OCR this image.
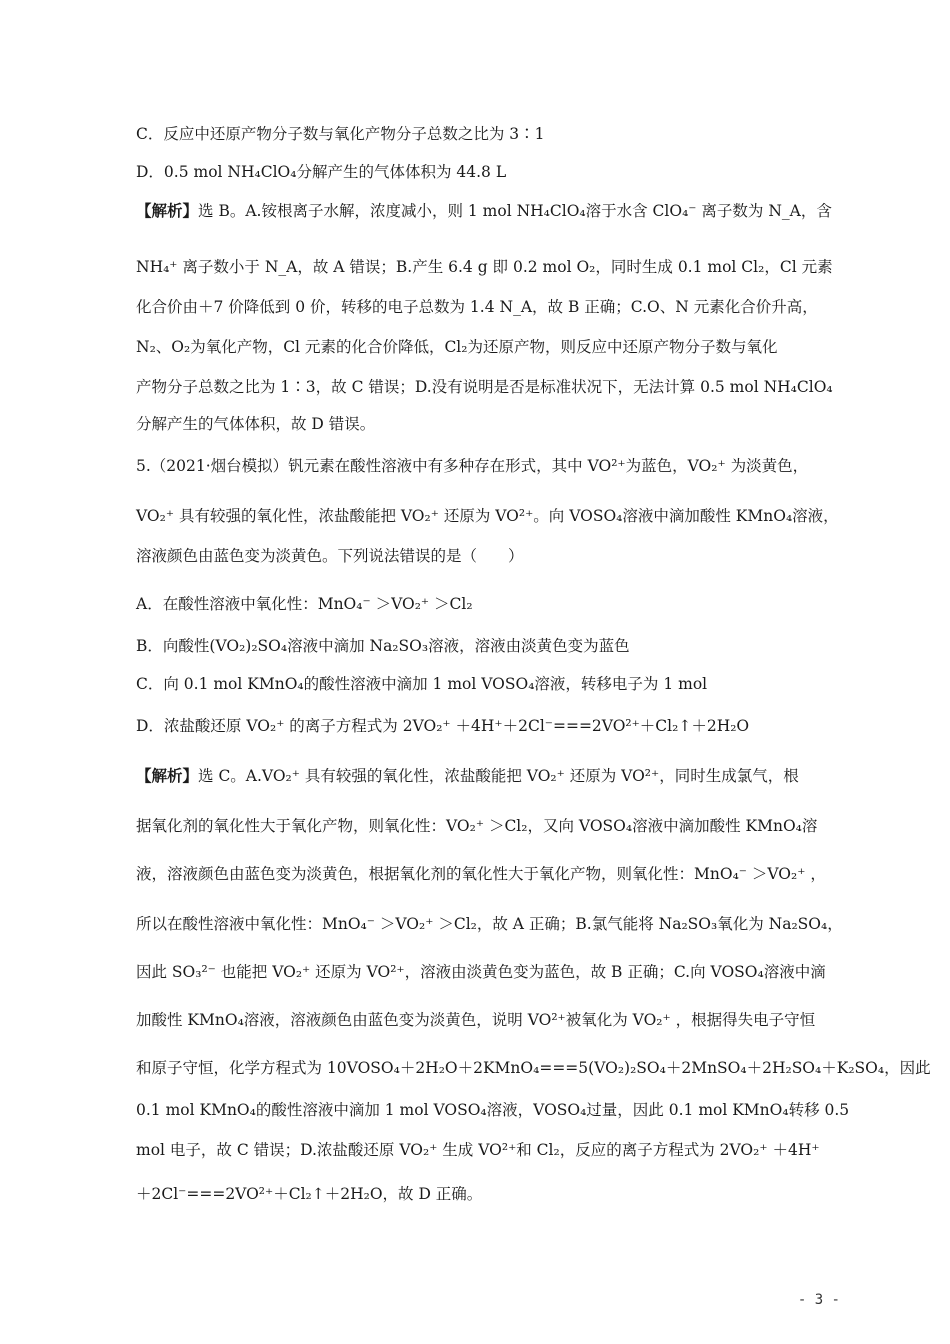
C．反应中还原产物分子数与氧化产物分子总数之比为 3∶1
D．0.5 mol NH₄ClO₄分解产生的气体体积为 44.8 L
【解析】选 B。A.铵根离子水解，浓度减小，则 1 mol NH₄ClO₄溶于水含 ClO₄⁻ 离子数为 N_A，含
NH₄⁺ 离子数小于 N_A，故 A 错误；B.产生 6.4 g 即 0.2 mol O₂，同时生成 0.1 mol Cl₂，Cl 元素
化合价由＋7 价降低到 0 价，转移的电子总数为 1.4 N_A，故 B 正确；C.O、N 元素化合价升高，
N₂、O₂为氧化产物，Cl 元素的化合价降低，Cl₂为还原产物，则反应中还原产物分子数与氧化
产物分子总数之比为 1∶3，故 C 错误；D.没有说明是否是标准状况下，无法计算 0.5 mol NH₄ClO₄
分解产生的气体体积，故 D 错误。
5.（2021·烟台模拟）钒元素在酸性溶液中有多种存在形式，其中 VO²⁺为蓝色，VO₂⁺ 为淡黄色，
VO₂⁺ 具有较强的氧化性，浓盐酸能把 VO₂⁺ 还原为 VO²⁺。向 VOSO₄溶液中滴加酸性 KMnO₄溶液，
溶液颜色由蓝色变为淡黄色。下列说法错误的是（　　）
A．在酸性溶液中氧化性：MnO₄⁻ ＞VO₂⁺ ＞Cl₂
B．向酸性(VO₂)₂SO₄溶液中滴加 Na₂SO₃溶液，溶液由淡黄色变为蓝色
C．向 0.1 mol KMnO₄的酸性溶液中滴加 1 mol VOSO₄溶液，转移电子为 1 mol
D．浓盐酸还原 VO₂⁺ 的离子方程式为 2VO₂⁺ ＋4H⁺＋2Cl⁻===2VO²⁺＋Cl₂↑＋2H₂O
【解析】选 C。A.VO₂⁺ 具有较强的氧化性，浓盐酸能把 VO₂⁺ 还原为 VO²⁺，同时生成氯气，根
据氧化剂的氧化性大于氧化产物，则氧化性：VO₂⁺ ＞Cl₂，又向 VOSO₄溶液中滴加酸性 KMnO₄溶
液，溶液颜色由蓝色变为淡黄色，根据氧化剂的氧化性大于氧化产物，则氧化性：MnO₄⁻ ＞VO₂⁺ ，
所以在酸性溶液中氧化性：MnO₄⁻ ＞VO₂⁺ ＞Cl₂，故 A 正确；B.氯气能将 Na₂SO₃氧化为 Na₂SO₄，
因此 SO₃²⁻ 也能把 VO₂⁺ 还原为 VO²⁺，溶液由淡黄色变为蓝色，故 B 正确；C.向 VOSO₄溶液中滴
加酸性 KMnO₄溶液，溶液颜色由蓝色变为淡黄色，说明 VO²⁺被氧化为 VO₂⁺ ，根据得失电子守恒
和原子守恒，化学方程式为 10VOSO₄＋2H₂O＋2KMnO₄===5(VO₂)₂SO₄＋2MnSO₄＋2H₂SO₄＋K₂SO₄，因此
0.1 mol KMnO₄的酸性溶液中滴加 1 mol VOSO₄溶液，VOSO₄过量，因此 0.1 mol KMnO₄转移 0.5
mol 电子，故 C 错误；D.浓盐酸还原 VO₂⁺ 生成 VO²⁺和 Cl₂，反应的离子方程式为 2VO₂⁺ ＋4H⁺
＋2Cl⁻===2VO²⁺＋Cl₂↑＋2H₂O，故 D 正确。
- 3 -
